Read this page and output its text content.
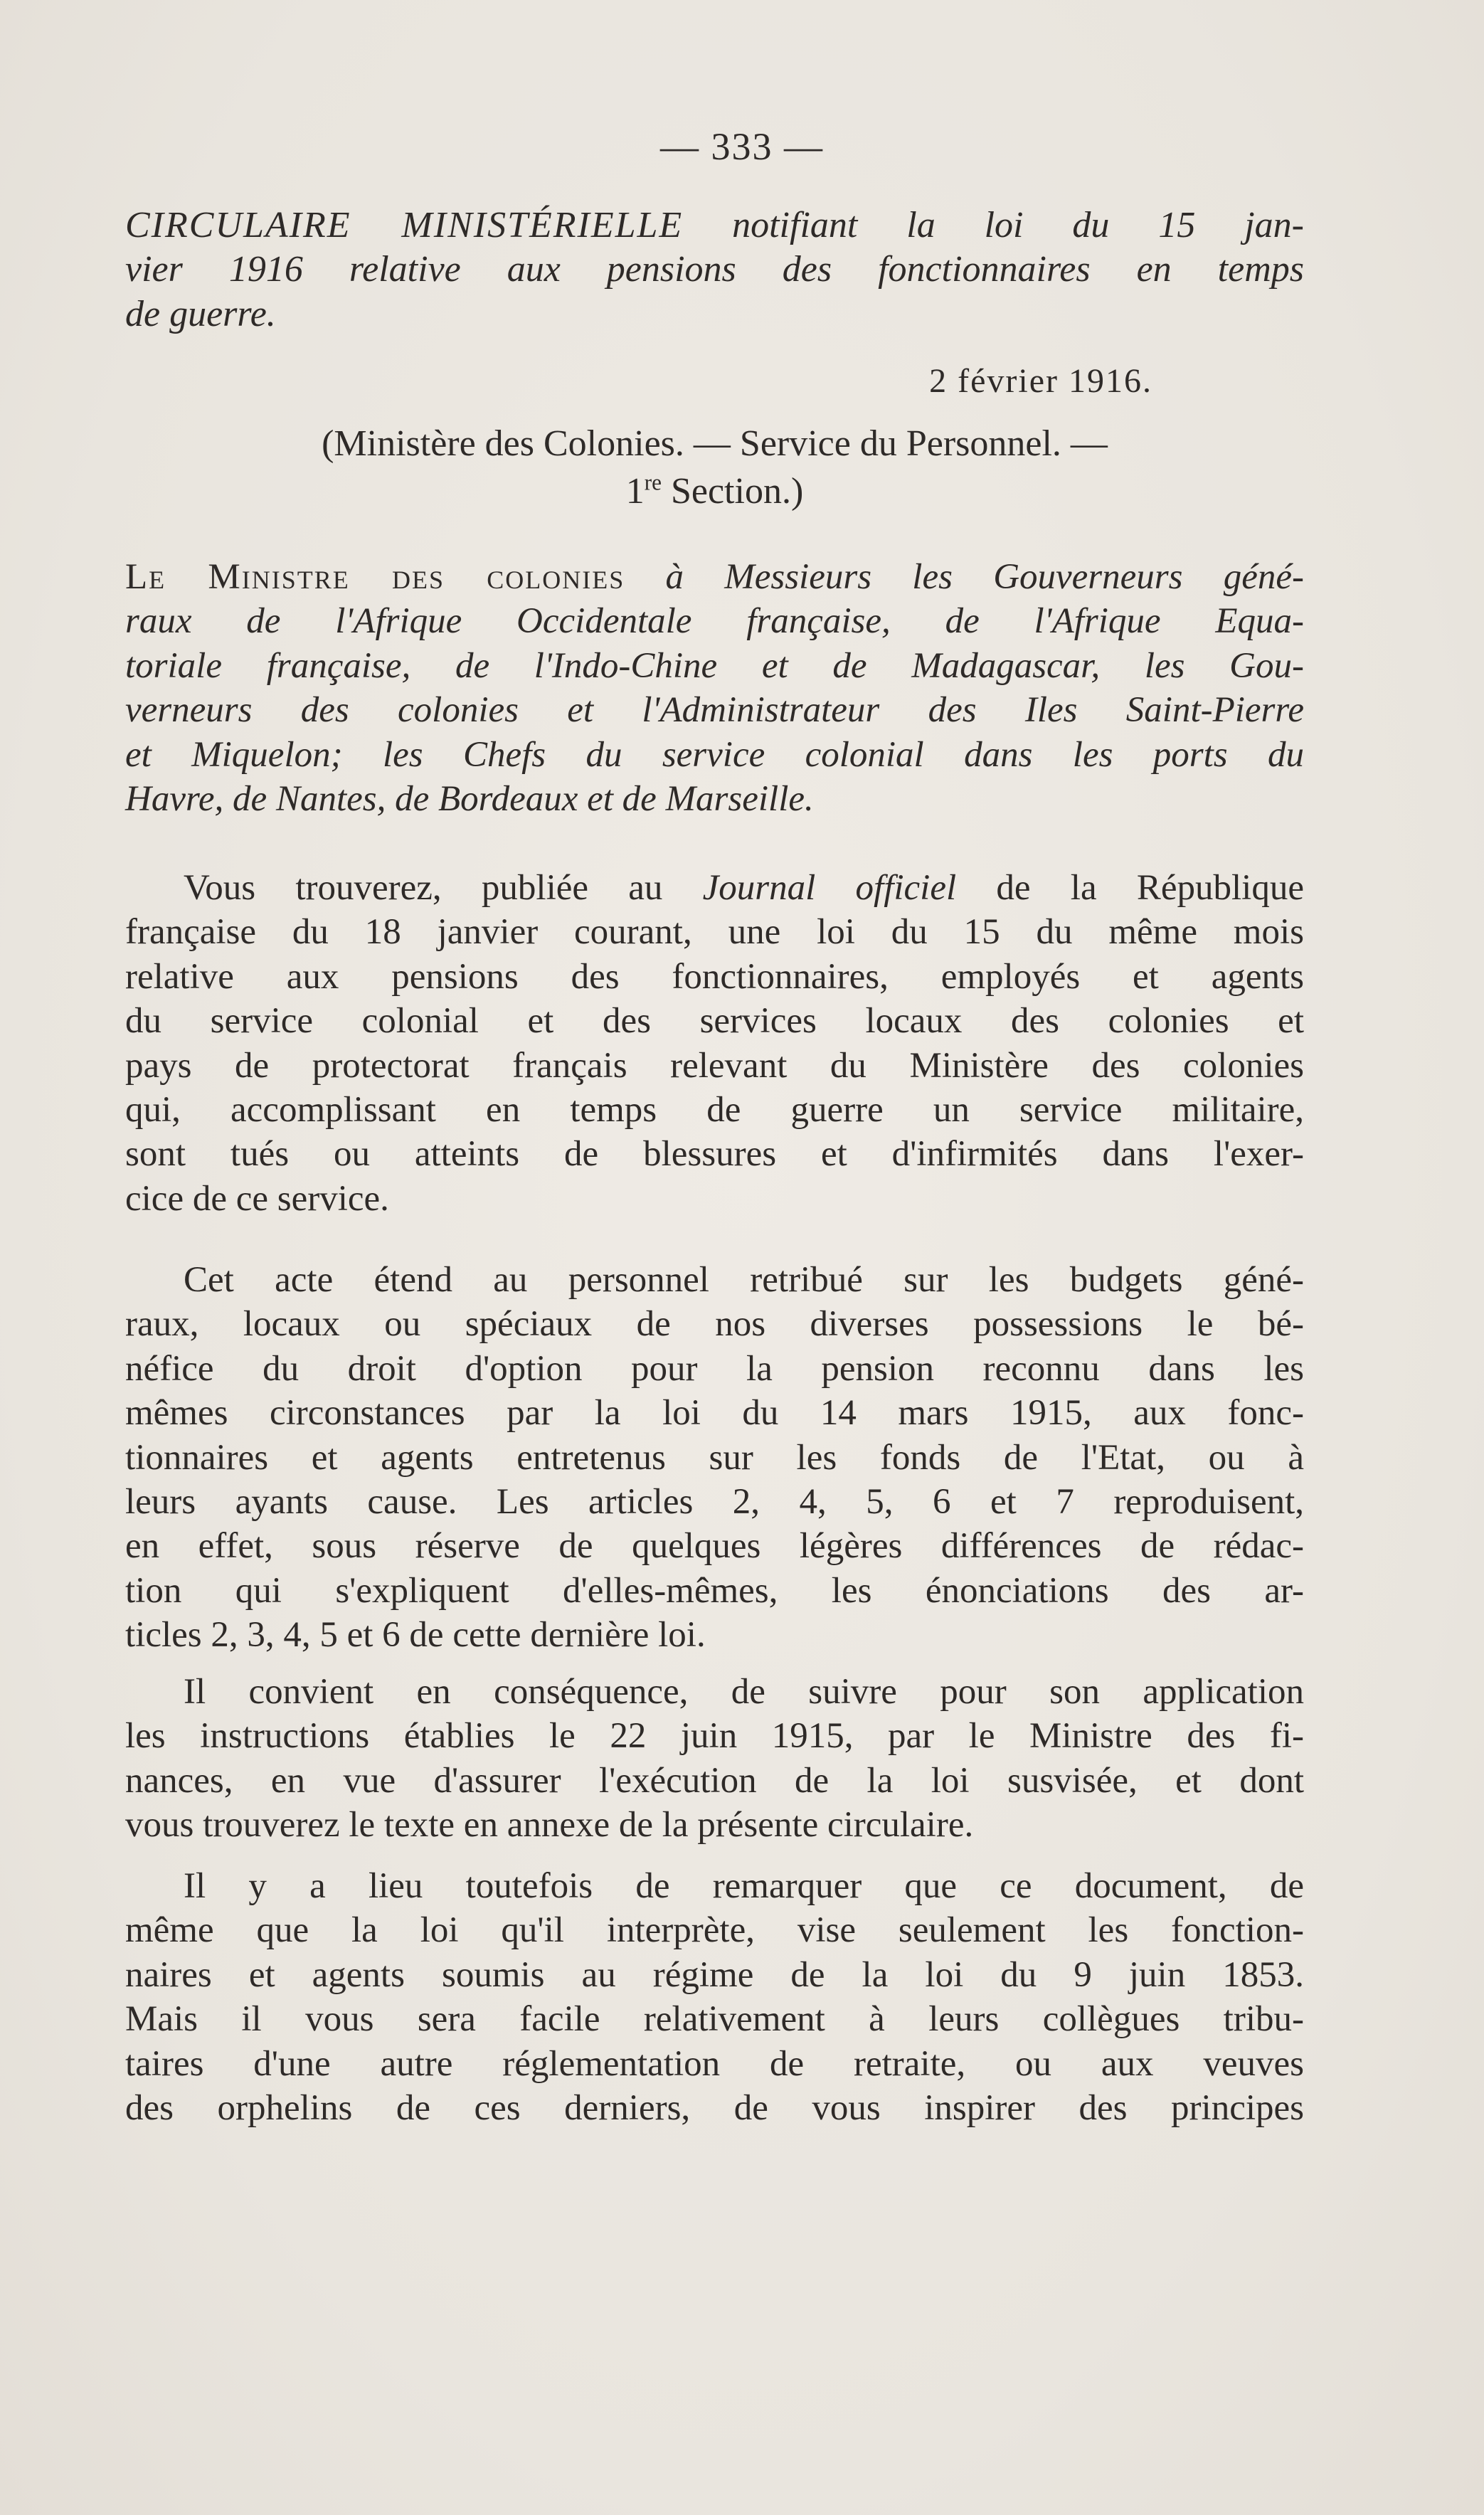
— 333 —

CIRCULAIRE MINISTÉRIELLE notifiant la loi du 15 jan-
vier 1916 relative aux pensions des fonctionnaires en temps
de guerre.

2 février 1916.
(Ministère des Colonies. — Service du Personnel. —
1re Section.)

Le Ministre des colonies à Messieurs les Gouverneurs géné-
raux de l'Afrique Occidentale française, de l'Afrique Equa-
toriale française, de l'Indo-Chine et de Madagascar, les Gou-
verneurs des colonies et l'Administrateur des Iles Saint-Pierre
et Miquelon; les Chefs du service colonial dans les ports du
Havre, de Nantes, de Bordeaux et de Marseille.

Vous trouverez, publiée au Journal officiel de la République
française du 18 janvier courant, une loi du 15 du même mois
relative aux pensions des fonctionnaires, employés et agents
du service colonial et des services locaux des colonies et
pays de protectorat français relevant du Ministère des colonies
qui, accomplissant en temps de guerre un service militaire,
sont tués ou atteints de blessures et d'infirmités dans l'exer-
cice de ce service.

Cet acte étend au personnel retribué sur les budgets géné-
raux, locaux ou spéciaux de nos diverses possessions le bé-
néfice du droit d'option pour la pension reconnu dans les
mêmes circonstances par la loi du 14 mars 1915, aux fonc-
tionnaires et agents entretenus sur les fonds de l'Etat, ou à
leurs ayants cause. Les articles 2, 4, 5, 6 et 7 reproduisent,
en effet, sous réserve de quelques légères différences de rédac-
tion qui s'expliquent d'elles-mêmes, les énonciations des ar-
ticles 2, 3, 4, 5 et 6 de cette dernière loi.

Il convient en conséquence, de suivre pour son application
les instructions établies le 22 juin 1915, par le Ministre des fi-
nances, en vue d'assurer l'exécution de la loi susvisée, et dont
vous trouverez le texte en annexe de la présente circulaire.

Il y a lieu toutefois de remarquer que ce document, de
même que la loi qu'il interprète, vise seulement les fonction-
naires et agents soumis au régime de la loi du 9 juin 1853.
Mais il vous sera facile relativement à leurs collègues tribu-
taires d'une autre réglementation de retraite, ou aux veuves
des orphelins de ces derniers, de vous inspirer des principes
